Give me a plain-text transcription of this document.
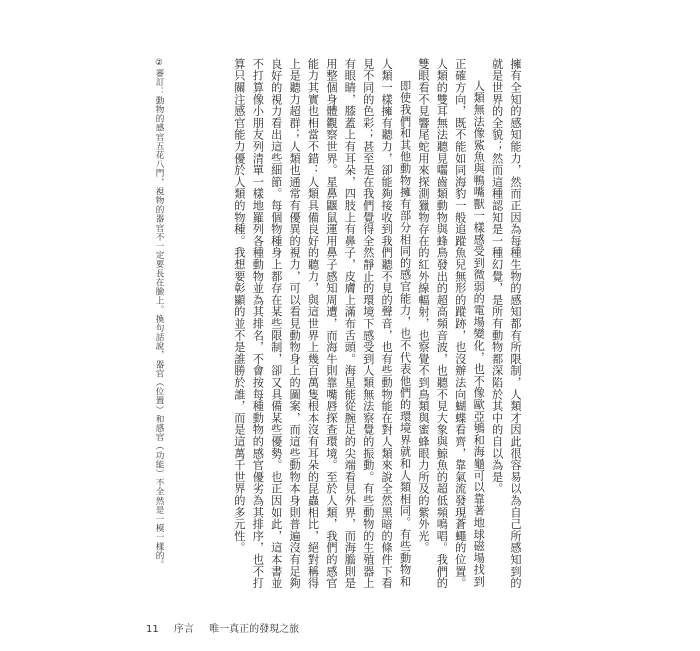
擁有全知的感知能力，然而正因為每種生物的感知都有所限制，人類才因此很容易以為自己所感知到的就是世界的全貌；然而這種認知是一種幻覺，是所有動物都深陷於其中的自以為是。

人類無法像鯊魚與鴨嘴獸一樣感受到微弱的電場變化，也不像歐亞鴝和海龜可以靠著地球磁場找到正確方向，既不能如同海豹一般追蹤魚兒無形的蹤跡，也沒辦法向蝴蝶看齊，靠氣流發現蒼蠅的位置。人類的雙耳無法聽見囓齒類動物與蜂鳥發出的超高頻音波，也聽不見大象與鯨魚的超低頻鳴唱。我們的雙眼看不見響尾蛇用來探測獵物存在的紅外線輻射，也察覺不到鳥類與蜜蜂眼力所及的紫外光。

即使我們和其他動物擁有部分相同的感官能力，也不代表他們的環境界就和人類相同。有些動物和人類一樣擁有聽力，卻能夠接收到我們聽不見的聲音，也有些動物能在對人類來說全然黑暗的條件下看見不同的色彩；甚至是在我們覺得全然靜止的環境下感受到人類無法察覺的振動。有些動物的生殖器上有眼睛，膝蓋上有耳朵，四肢上有鼻子，皮膚上滿布舌頭。海星能從腕足的尖端看見外界，而海膽則是用整個身體觀察世界。星鼻鼴鼠運用鼻子感知周遭，而海牛則靠嘴唇探查環境。至於人類，我們的感官能力其實也相當不錯：人類具備良好的聽力，與這世界上幾百萬隻根本沒有耳朵的昆蟲相比，絕對稱得上是聽力超群；人類也通常有優異的視力，可以看見動物身上的圖案，而這些動物本身則普遍沒有足夠良好的視力看出這些細節。每個物種身上都存在某些限制，卻又具備某些優勢。也正因如此，這本書並不打算像小朋友列清單一樣地羅列各種動物並為其排名，不會按每種動物的感官優劣為其排序，也不打算只關注感官能力優於人類的物種。我想要彰顯的並不是誰勝於誰，而是這萬千世界的多元性。

②審訂：動物的感官五花八門，視物的器官不一定要長在臉上。換句話說，器官（位置）和感官（功能）不全然是一模一樣的。
11 序言 唯一真正的發現之旅
